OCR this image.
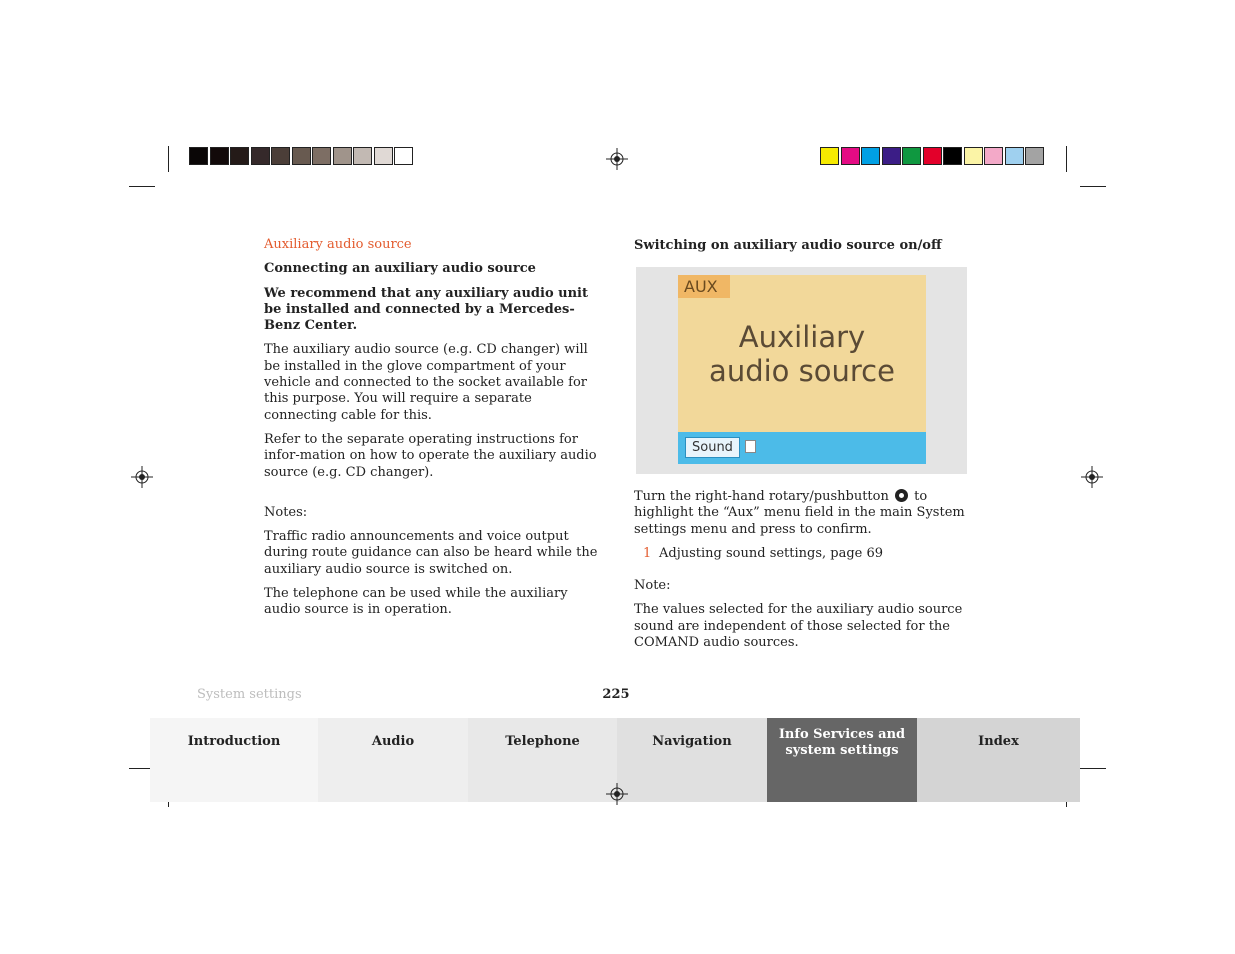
Auxiliary audio source

Connecting an auxiliary audio source

We recommend that any auxiliary audio unit be installed and connected by a Mercedes-Benz Center.

The auxiliary audio source (e.g. CD changer) will be installed in the glove compartment of your vehicle and connected to the socket available for this purpose. You will require a separate connecting cable for this.

Refer to the separate operating instructions for infor-mation on how to operate the auxiliary audio source (e.g. CD changer).

Notes:

Traffic radio announcements and voice output during route guidance can also be heard while the auxiliary audio source is switched on.

The telephone can be used while the auxiliary audio source is in operation.

Switching on auxiliary audio source on/off

AUX
Auxiliary
audio source
Sound

Turn the right-hand rotary/pushbutton to highlight the “Aux” menu field in the main System settings menu and press to confirm.

1 Adjusting sound settings, page 69

Note:

The values selected for the auxiliary audio source sound are independent of those selected for the COMAND audio sources.

System settings	225
Introduction	Audio	Telephone	Navigation	Info Services and
system settings
Index
